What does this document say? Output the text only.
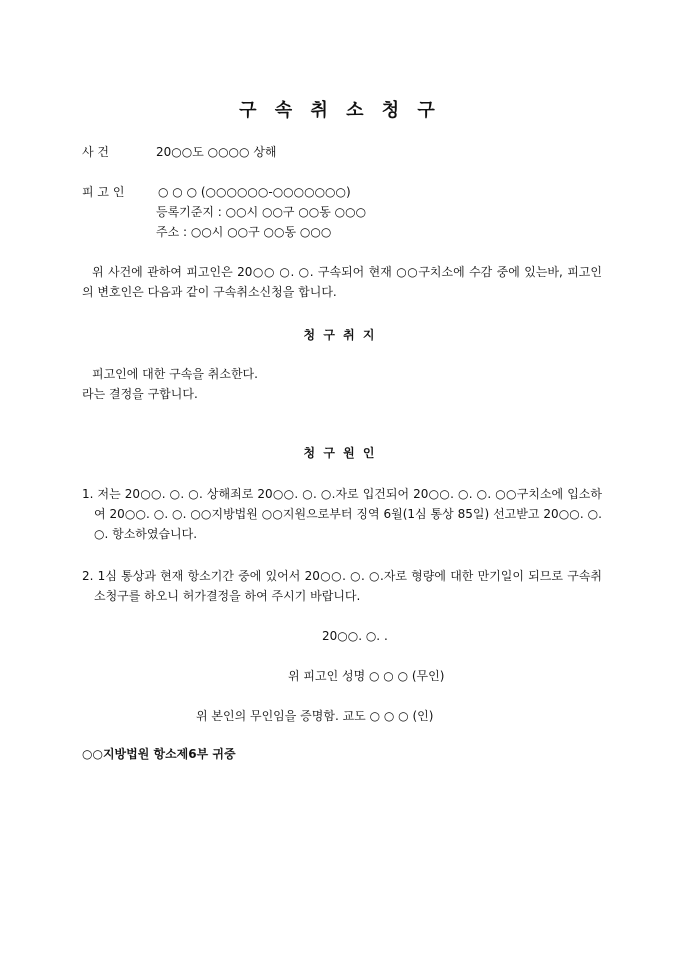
구 속 취 소 청 구
사 건	20○○도 ○○○○ 상해
피 고 인	○ ○ ○ (○○○○○○-○○○○○○○)
등록기준지 : ○○시 ○○구 ○○동 ○○○
주소 : ○○시 ○○구 ○○동 ○○○
위 사건에 관하여 피고인은 20○○ ○. ○. 구속되어 현재 ○○구치소에 수감 중에 있는바, 피고인의 변호인은 다음과 같이 구속취소신청을 합니다.
청 구 취 지
피고인에 대한 구속을 취소한다.
라는 결정을 구합니다.
청 구 원 인
1. 저는 20○○. ○. ○. 상해죄로 20○○. ○. ○.자로 입건되어 20○○. ○. ○. ○○구치소에 입소하여 20○○. ○. ○. ○○지방법원 ○○지원으로부터 징역 6월(1심 통상 85일) 선고받고 20○○. ○. ○. 항소하였습니다.
2. 1심 통상과 현재 항소기간 중에 있어서 20○○. ○. ○.자로 형량에 대한 만기일이 되므로 구속취소청구를 하오니 허가결정을 하여 주시기 바랍니다.
20○○. ○. .
위 피고인 성명 ○ ○ ○ (무인)
위 본인의 무인임을 증명함. 교도 ○ ○ ○ (인)
○○지방법원 항소제6부 귀중
